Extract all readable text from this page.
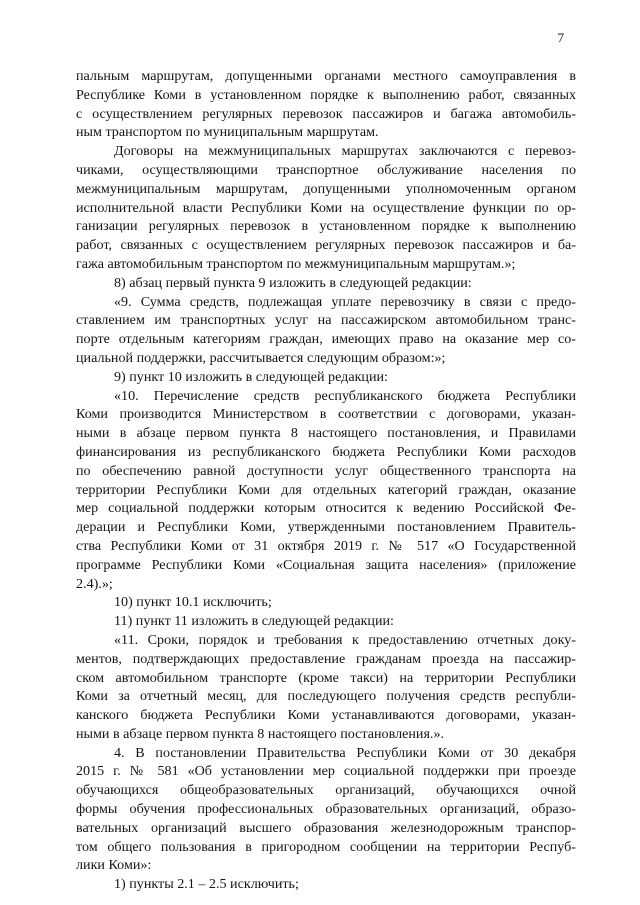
7
пальным маршрутам, допущенными органами местного самоуправления в
Республике Коми в установленном порядке к выполнению работ, связанных
с осуществлением регулярных перевозок пассажиров и багажа автомобиль-
ным транспортом по муниципальным маршрутам.
Договоры на межмуниципальных маршрутах заключаются с перевоз-
чиками, осуществляющими транспортное обслуживание населения по
межмуниципальным маршрутам, допущенными уполномоченным органом
исполнительной власти Республики Коми на осуществление функции по ор-
ганизации регулярных перевозок в установленном порядке к выполнению
работ, связанных с осуществлением регулярных перевозок пассажиров и ба-
гажа автомобильным транспортом по межмуниципальным маршрутам.»;
8) абзац первый пункта 9 изложить в следующей редакции:
«9. Сумма средств, подлежащая уплате перевозчику в связи с предо-
ставлением им транспортных услуг на пассажирском автомобильном транс-
порте отдельным категориям граждан, имеющих право на оказание мер со-
циальной поддержки, рассчитывается следующим образом:»;
9) пункт 10 изложить в следующей редакции:
«10. Перечисление средств республиканского бюджета Республики
Коми производится Министерством в соответствии с договорами, указан-
ными в абзаце первом пункта 8 настоящего постановления, и Правилами
финансирования из республиканского бюджета Республики Коми расходов
по обеспечению равной доступности услуг общественного транспорта на
территории Республики Коми для отдельных категорий граждан, оказание
мер социальной поддержки которым относится к ведению Российской Фе-
дерации и Республики Коми, утвержденными постановлением Правитель-
ства Республики Коми от 31 октября 2019 г. № 517 «О Государственной
программе Республики Коми «Социальная защита населения» (приложение
2.4).»;
10) пункт 10.1 исключить;
11) пункт 11 изложить в следующей редакции:
«11. Сроки, порядок и требования к предоставлению отчетных доку-
ментов, подтверждающих предоставление гражданам проезда на пассажир-
ском автомобильном транспорте (кроме такси) на территории Республики
Коми за отчетный месяц, для последующего получения средств республи-
канского бюджета Республики Коми устанавливаются договорами, указан-
ными в абзаце первом пункта 8 настоящего постановления.».
4. В постановлении Правительства Республики Коми от 30 декабря
2015 г. № 581 «Об установлении мер социальной поддержки при проезде
обучающихся общеобразовательных организаций, обучающихся очной
формы обучения профессиональных образовательных организаций, образо-
вательных организаций высшего образования железнодорожным транспор-
том общего пользования в пригородном сообщении на территории Респуб-
лики Коми»:
1) пункты 2.1 – 2.5 исключить;
